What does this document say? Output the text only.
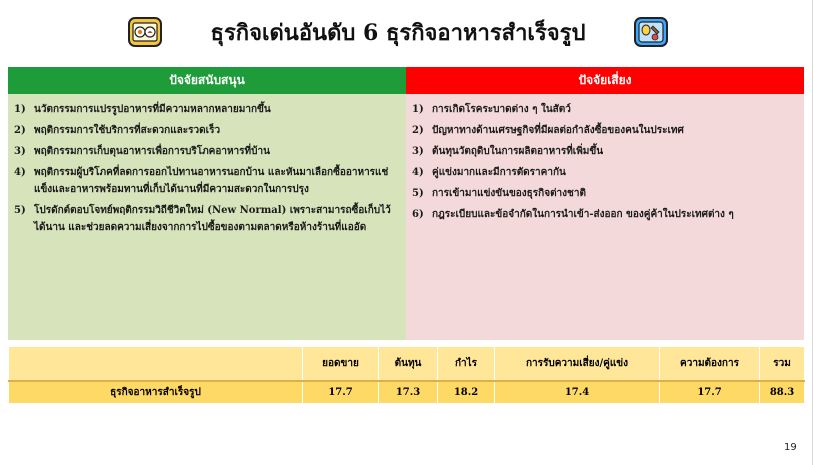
ธุรกิจเด่นอันดับ 6 ธุรกิจอาหารสำเร็จรูป
ปัจจัยสนับสนุน
1) นวัตกรรมการแปรรูปอาหารที่มีความหลากหลายมากขึ้น
2) พฤติกรรมการใช้บริการที่สะดวกและรวดเร็ว
3) พฤติกรรมการเก็บตุนอาหารเพื่อการบริโภคอาหารที่บ้าน
4) พฤติกรรมผู้บริโภคที่ลดการออกไปทานอาหารนอกบ้าน และหันมาเลือกซื้ออาหารแช่แข็งและอาหารพร้อมทานที่เก็บได้นานที่มีความสะดวกในการปรุง
5) โปรดักต์ตอบโจทย์พฤติกรรมวิถีชีวิตใหม่ (New Normal) เพราะสามารถซื้อเก็บไว้ได้นาน และช่วยลดความเสี่ยงจากการไปซื้อของตามตลาดหรือห้างร้านที่แออัด
ปัจจัยเสี่ยง
1) การเกิดโรคระบาดต่าง ๆ ในสัตว์
2) ปัญหาทางด้านเศรษฐกิจที่มีผลต่อกำลังซื้อของคนในประเทศ
3) ต้นทุนวัตถุดิบในการผลิตอาหารที่เพิ่มขึ้น
4) คู่แข่งมากและมีการตัดราคากัน
5) การเข้ามาแข่งขันของธุรกิจต่างชาติ
6) กฎระเบียบและข้อจำกัดในการนำเข้า-ส่งออก ของคู่ค้าในประเทศต่าง ๆ
	ยอดขาย	ต้นทุน	กำไร	การรับความเสี่ยง/คู่แข่ง	ความต้องการ	รวม
ธุรกิจอาหารสำเร็จรูป	17.7	17.3	18.2	17.4	17.7	88.3
19
